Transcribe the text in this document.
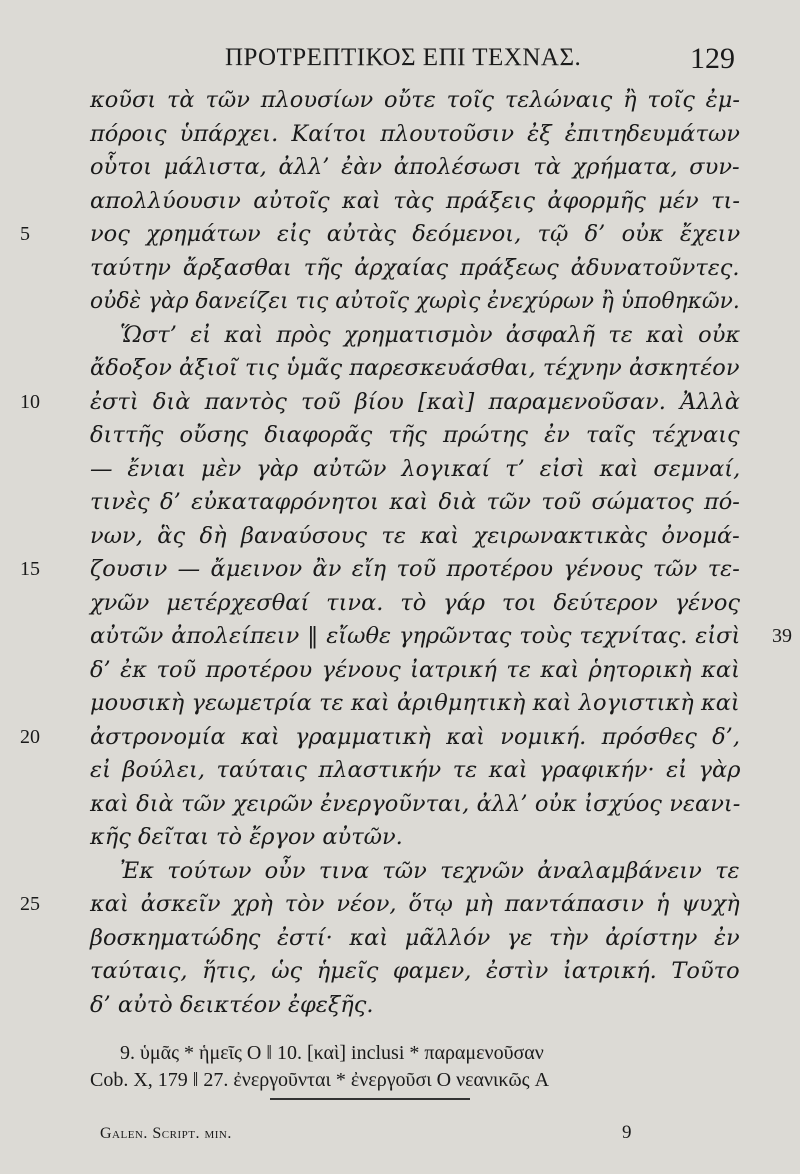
ΠΡΟΤΡΕΠΤΙΚΟΣ ΕΠΙ ΤΕΧΝΑΣ.	129
κοῦσι τὰ τῶν πλουσίων οὔτε τοῖς τελώναις ἢ τοῖς ἐμ-
πόροις ὑπάρχει. Καίτοι πλουτοῦσιν ἐξ ἐπιτηδευμάτων
οὗτοι μάλιστα, ἀλλ’ ἐὰν ἀπολέσωσι τὰ χρήματα, συν-
απολλύουσιν αὐτοῖς καὶ τὰς πράξεις ἀφορμῆς μέν τι-
νος χρημάτων εἰς αὐτὰς δεόμενοι, τῷ δ’ οὐκ ἔχειν
5
ταύτην ἄρξασθαι τῆς ἀρχαίας πράξεως ἀδυνατοῦντες.
οὐδὲ γὰρ δανείζει τις αὐτοῖς χωρὶς ἐνεχύρων ἢ ὑποθηκῶν.
Ὥστ’ εἰ καὶ πρὸς χρηματισμὸν ἀσφαλῆ τε καὶ οὐκ
ἄδοξον ἀξιοῖ τις ὑμᾶς παρεσκευάσθαι, τέχνην ἀσκητέον
ἐστὶ διὰ παντὸς τοῦ βίου [καὶ] παραμενοῦσαν. Ἀλλὰ
10
διττῆς οὔσης διαφορᾶς τῆς πρώτης ἐν ταῖς τέχναις
— ἔνιαι μὲν γὰρ αὐτῶν λογικαί τ’ εἰσὶ καὶ σεμναί,
τινὲς δ’ εὐκαταφρόνητοι καὶ διὰ τῶν τοῦ σώματος πό-
νων, ἃς δὴ βαναύσους τε καὶ χειρωνακτικὰς ὀνομά-
ζουσιν — ἄμεινον ἂν εἴη τοῦ προτέρου γένους τῶν τε-
15
χνῶν μετέρχεσθαί τινα. τὸ γάρ τοι δεύτερον γένος
αὐτῶν ἀπολείπειν ‖ εἴωθε γηρῶντας τοὺς τεχνίτας. εἰσὶ 39
δ’ ἐκ τοῦ προτέρου γένους ἰατρική τε καὶ ῥητορικὴ καὶ
μουσικὴ γεωμετρία τε καὶ ἀριθμητικὴ καὶ λογιστικὴ καὶ
ἀστρονομία καὶ γραμματικὴ καὶ νομική. πρόσθες δ’,
20
εἰ βούλει, ταύταις πλαστικήν τε καὶ γραφικήν· εἰ γὰρ
καὶ διὰ τῶν χειρῶν ἐνεργοῦνται, ἀλλ’ οὐκ ἰσχύος νεανι-
κῆς δεῖται τὸ ἔργον αὐτῶν.
Ἐκ τούτων οὖν τινα τῶν τεχνῶν ἀναλαμβάνειν τε
καὶ ἀσκεῖν χρὴ τὸν νέον, ὅτῳ μὴ παντάπασιν ἡ ψυχὴ
25
βοσκηματώδης ἐστί· καὶ μᾶλλόν γε τὴν ἀρίστην ἐν
ταύταις, ἥτις, ὡς ἡμεῖς φαμεν, ἐστὶν ἰατρική. Τοῦτο
δ’ αὐτὸ δεικτέον ἐφεξῆς.
9. ὑμᾶς * ἡμεῖς O ‖ 10. [καὶ] inclusi * παραμενοῦσαν
Cob. X, 179 ‖ 27. ἐνεργοῦνται * ἐνεργοῦσι O νεανικῶς A
Galen. Script. min.	9
